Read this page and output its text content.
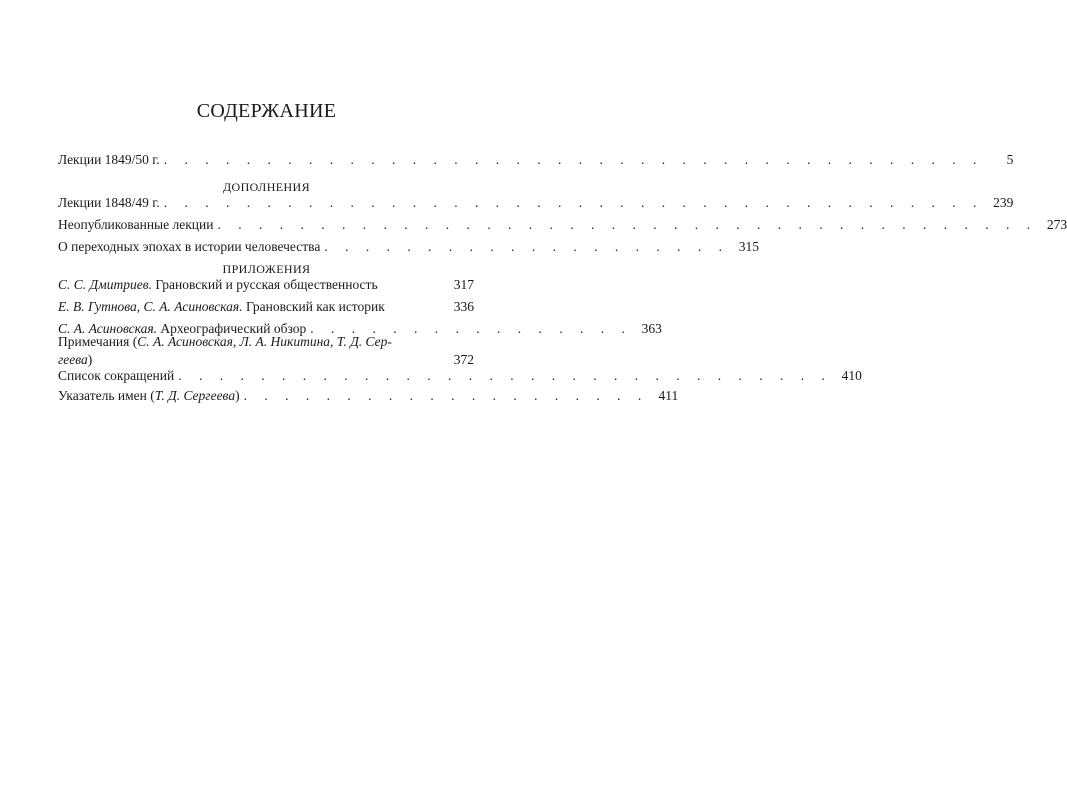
СОДЕРЖАНИЕ
Лекции 1849/50 г. . . . . . . . . . . . . . . . . . . . . . . . . . . . . . . . . . . . . . . . .	5
ДОПОЛНЕНИЯ
Лекции 1848/49 г. . . . . . . . . . . . . . . . . . . . . . . . . . . . . . . . . . . . . . . . . 239
Неопубликованные лекции . . . . . . . . . . . . . . . . . . . . . . . . . . . . . . . . . . . . . . . . 273
О переходных эпохах в истории человечества . . . . . . . . . . . . . . . . . . . . 315
ПРИЛОЖЕНИЯ
С. С. Дмитриев. Грановский и русская общественность	317
Е. В. Гутнова, С. А. Асиновская. Грановский как историк	336
С. А. Асиновская. Археографический обзор . . . . . . . . . . . . . . . . 363
Примечания (С. А. Асиновская, Л. А. Никитина, Т. Д. Сер-
геева)	372
Список сокращений . . . . . . . . . . . . . . . . . . . . . . . . . . . . . . . . 410
Указатель имен (Т. Д. Сергеева) . . . . . . . . . . . . . . . . . . . . 411
